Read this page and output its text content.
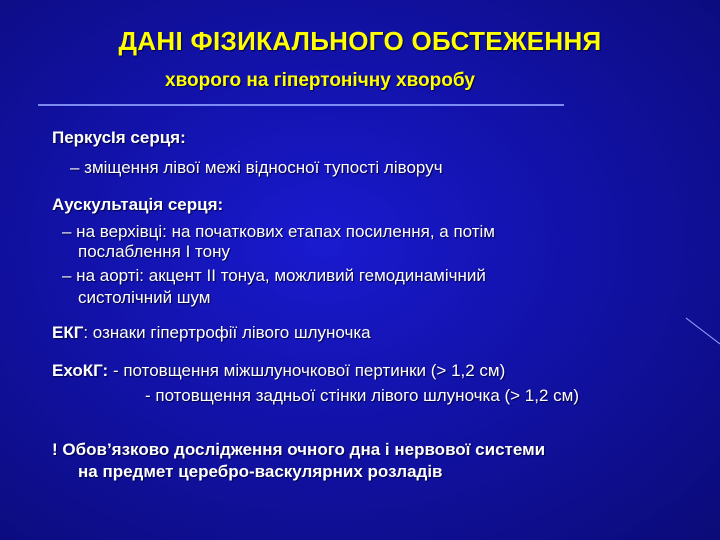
ДАНІ ФІЗИКАЛЬНОГО ОБСТЕЖЕННЯ
хворого на гіпертонічну хворобу
ПеркусІя серця:
– зміщення лівої межі відносної тупості ліворуч
Аускультація серця:
– на верхівці: на початкових етапах посилення, а потім
послаблення І тону
– на аорті: акцент ІІ тонуа, можливий гемодинамічний
систолічний шум
ЕКГ: ознаки гіпертрофії лівого шлуночка
ЕхоКГ: - потовщення міжшлуночкової пертинки (> 1,2 см)
- потовщення задньої стінки лівого шлуночка (> 1,2 см)
! Обов’язково дослідження очного дна і нервової системи
на предмет церебро-васкулярних розладів
